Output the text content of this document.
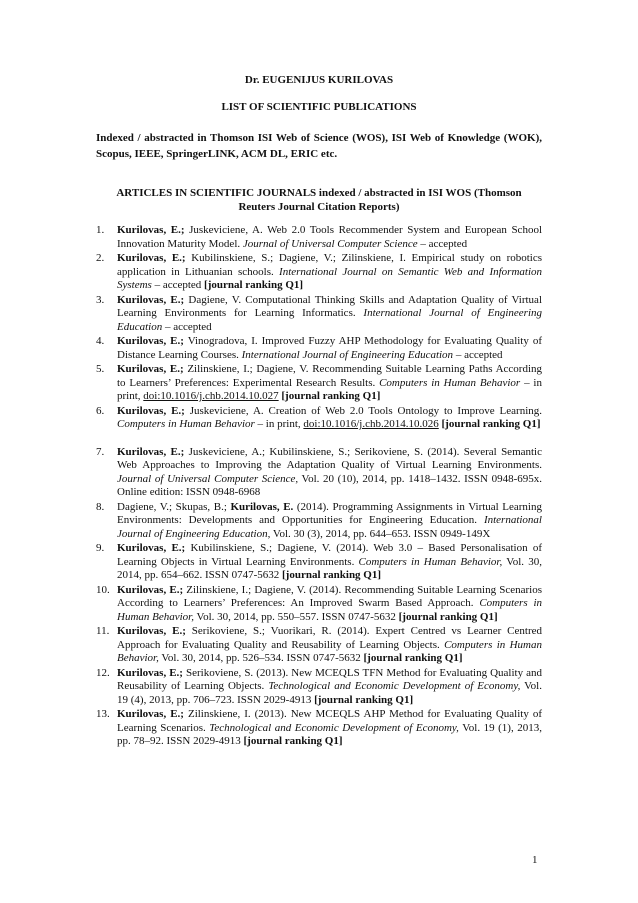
Dr. EUGENIJUS KURILOVAS
LIST OF SCIENTIFIC PUBLICATIONS
Indexed / abstracted in Thomson ISI Web of Science (WOS), ISI Web of Knowledge (WOK), Scopus, IEEE, SpringerLINK, ACM DL, ERIC etc.
ARTICLES IN SCIENTIFIC JOURNALS indexed / abstracted in ISI WOS (Thomson Reuters Journal Citation Reports)
1. Kurilovas, E.; Juskeviciene, A. Web 2.0 Tools Recommender System and European School Innovation Maturity Model. Journal of Universal Computer Science – accepted
2. Kurilovas, E.; Kubilinskiene, S.; Dagiene, V.; Zilinskiene, I. Empirical study on robotics application in Lithuanian schools. International Journal on Semantic Web and Information Systems – accepted [journal ranking Q1]
3. Kurilovas, E.; Dagiene, V. Computational Thinking Skills and Adaptation Quality of Virtual Learning Environments for Learning Informatics. International Journal of Engineering Education – accepted
4. Kurilovas, E.; Vinogradova, I. Improved Fuzzy AHP Methodology for Evaluating Quality of Distance Learning Courses. International Journal of Engineering Education – accepted
5. Kurilovas, E.; Zilinskiene, I.; Dagiene, V. Recommending Suitable Learning Paths According to Learners’ Preferences: Experimental Research Results. Computers in Human Behavior – in print, doi:10.1016/j.chb.2014.10.027 [journal ranking Q1]
6. Kurilovas, E.; Juskeviciene, A. Creation of Web 2.0 Tools Ontology to Improve Learning. Computers in Human Behavior – in print, doi:10.1016/j.chb.2014.10.026 [journal ranking Q1]
7. Kurilovas, E.; Juskeviciene, A.; Kubilinskiene, S.; Serikoviene, S. (2014). Several Semantic Web Approaches to Improving the Adaptation Quality of Virtual Learning Environments. Journal of Universal Computer Science, Vol. 20 (10), 2014, pp. 1418–1432. ISSN 0948-695x. Online edition: ISSN 0948-6968
8. Dagiene, V.; Skupas, B.; Kurilovas, E. (2014). Programming Assignments in Virtual Learning Environments: Developments and Opportunities for Engineering Education. International Journal of Engineering Education, Vol. 30 (3), 2014, pp. 644–653. ISSN 0949-149X
9. Kurilovas, E.; Kubilinskiene, S.; Dagiene, V. (2014). Web 3.0 – Based Personalisation of Learning Objects in Virtual Learning Environments. Computers in Human Behavior, Vol. 30, 2014, pp. 654–662. ISSN 0747-5632 [journal ranking Q1]
10. Kurilovas, E.; Zilinskiene, I.; Dagiene, V. (2014). Recommending Suitable Learning Scenarios According to Learners’ Preferences: An Improved Swarm Based Approach. Computers in Human Behavior, Vol. 30, 2014, pp. 550–557. ISSN 0747-5632 [journal ranking Q1]
11. Kurilovas, E.; Serikoviene, S.; Vuorikari, R. (2014). Expert Centred vs Learner Centred Approach for Evaluating Quality and Reusability of Learning Objects. Computers in Human Behavior, Vol. 30, 2014, pp. 526–534. ISSN 0747-5632 [journal ranking Q1]
12. Kurilovas, E.; Serikoviene, S. (2013). New MCEQLS TFN Method for Evaluating Quality and Reusability of Learning Objects. Technological and Economic Development of Economy, Vol. 19 (4), 2013, pp. 706–723. ISSN 2029-4913 [journal ranking Q1]
13. Kurilovas, E.; Zilinskiene, I. (2013). New MCEQLS AHP Method for Evaluating Quality of Learning Scenarios. Technological and Economic Development of Economy, Vol. 19 (1), 2013, pp. 78–92. ISSN 2029-4913 [journal ranking Q1]
1
